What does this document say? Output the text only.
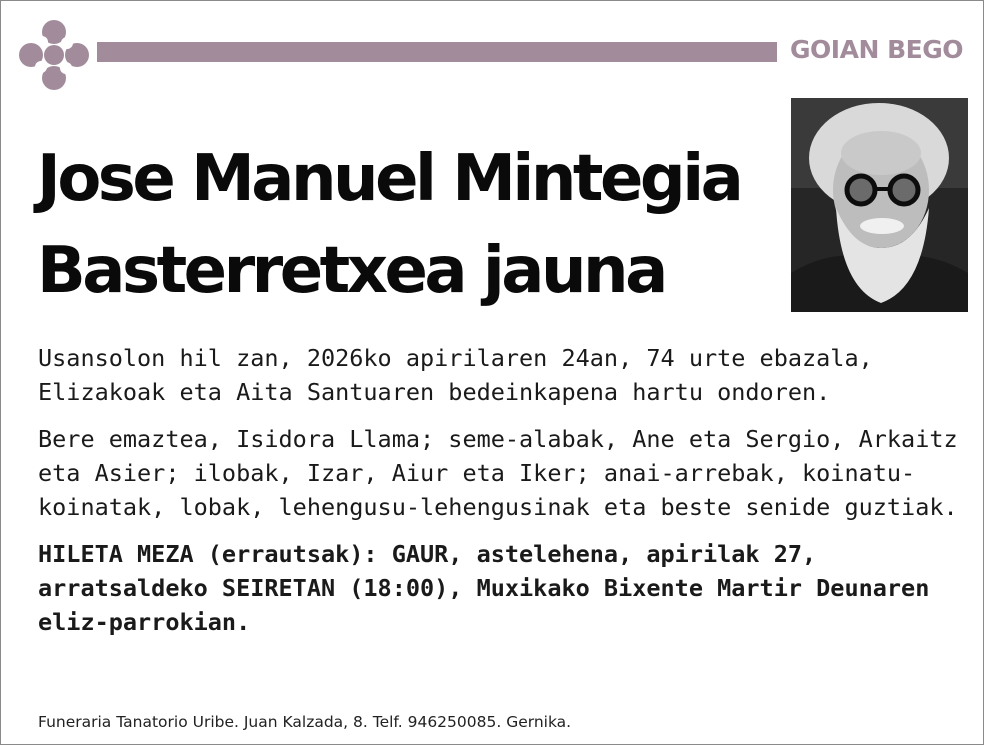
GOIAN BEGO
Jose Manuel Mintegia
Basterretxea jauna

Usansolon hil zan, 2026ko apirilaren 24an, 74 urte ebazala, Elizakoak eta Aita Santuaren bedeinkapena hartu ondoren.

Bere emaztea, Isidora Llama; seme-alabak, Ane eta Sergio, Arkaitz eta Asier; ilobak, Izar, Aiur eta Iker; anai-arrebak, koinatu-koinatak, lobak, lehengusu-lehengusinak eta beste senide guztiak.

HILETA MEZA (errautsak): GAUR, astelehena, apirilak 27, arratsaldeko SEIRETAN (18:00), Muxikako Bixente Martir Deunaren eliz-parrokian.

Funeraria Tanatorio Uribe. Juan Kalzada, 8. Telf. 946250085. Gernika.
